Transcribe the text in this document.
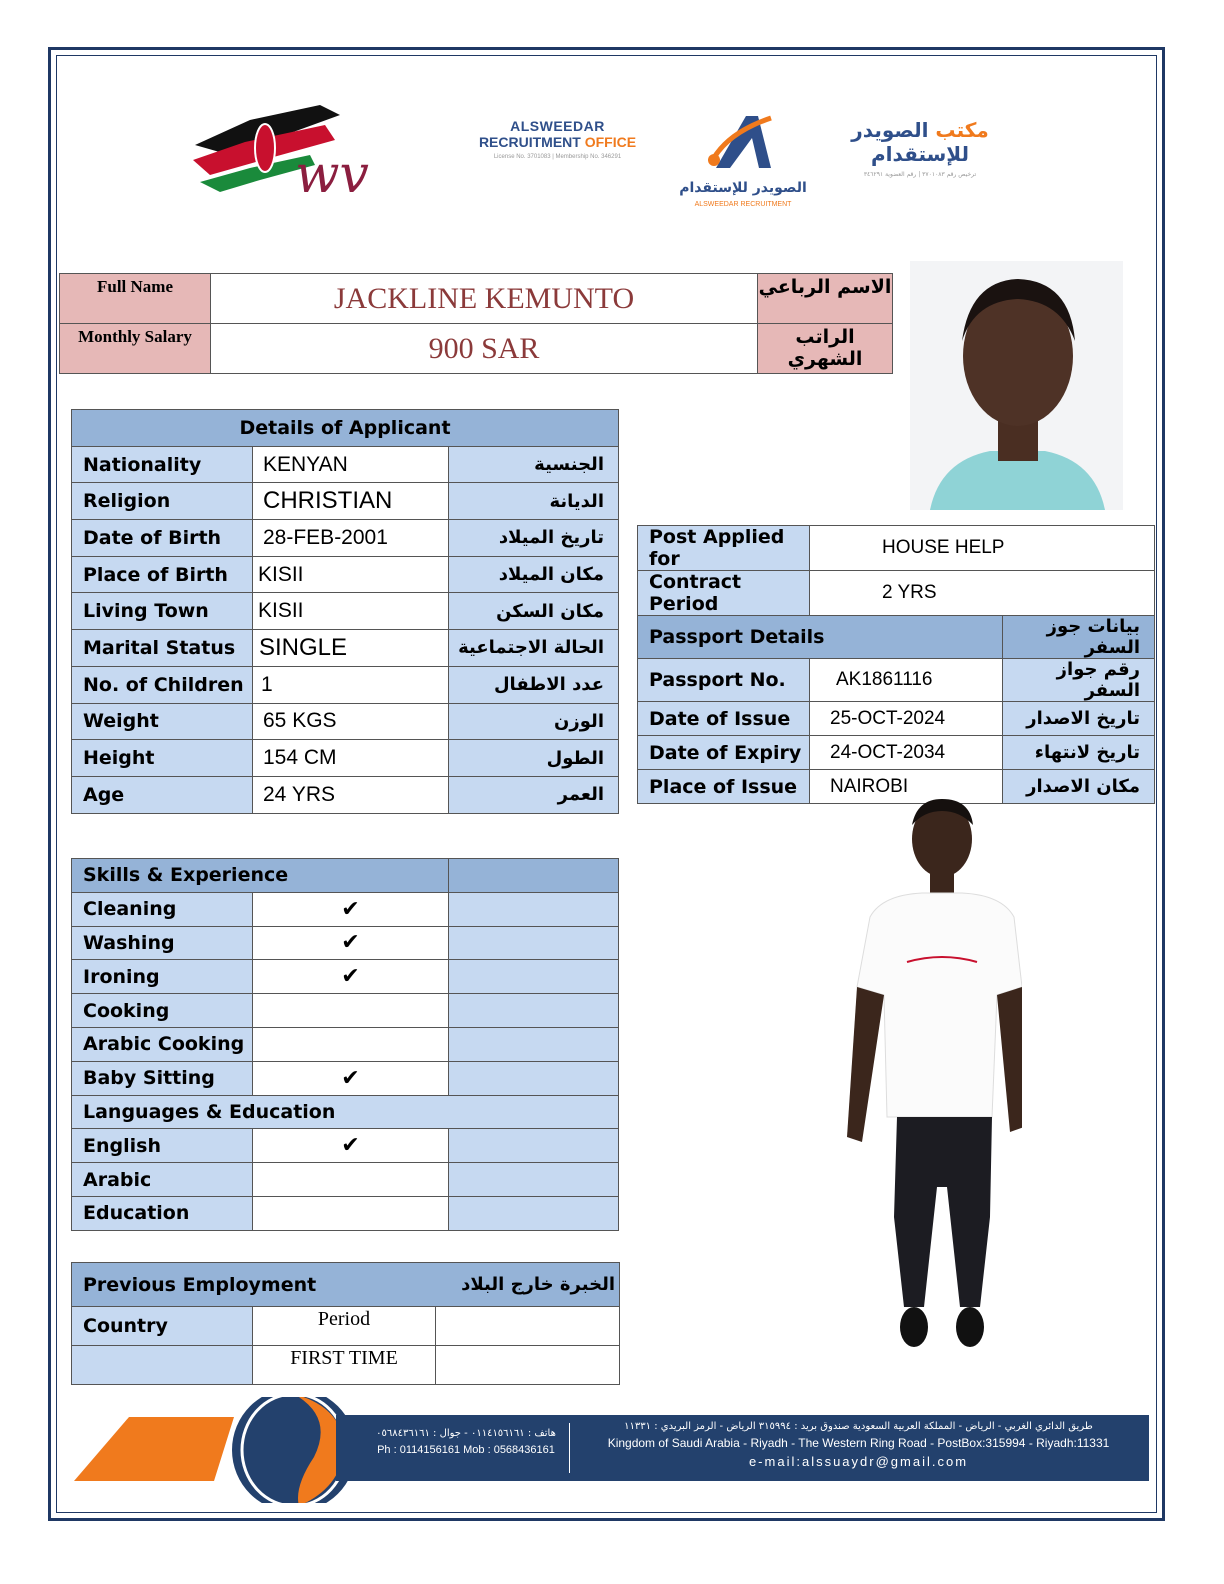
wv
ALSWEEDAR
RECRUITMENT OFFICE
License No. 3701083 | Membership No. 346291
الصويدر للإستقدام
ALSWEEDAR RECRUITMENT
مكتب الصويدر للإستقدام
ترخيص رقم ٣٧٠١٠٨٣ | رقم العضوية ٣٤٦٢٩١
Full Name	JACKLINE KEMUNTO	الاسم الرباعي
Monthly Salary	900 SAR	الراتب الشهري
Details of Applicant		
Nationality	KENYAN	الجنسية
Religion	CHRISTIAN	الديانة
Date of Birth	28-FEB-2001	تاريخ الميلاد
Place of Birth	KISII	مكان الميلاد
Living Town	KISII	مكان السكن
Marital Status	SINGLE	الحالة الاجتماعية
No. of Children	1	عدد الاطفال
Weight	65 KGS	الوزن
Height	154 CM	الطول
Age	24 YRS	العمر
Post Applied for	HOUSE HELP	
Contract Period	2 YRS	
Passport Details		بيانات جوز السفر
Passport No.	AK1861116	رقم جواز السفر
Date of Issue	25-OCT-2024	تاريخ الاصدار
Date of Expiry	24-OCT-2034	تاريخ لانتهاء
Place of Issue	NAIROBI	مكان الاصدار
Skills & Experience		
Cleaning	✔	
Washing	✔	
Ironing	✔	
Cooking		
Arabic Cooking		
Baby Sitting	✔	
Languages & Education		
English	✔	
Arabic		
Education		
Previous Employment الخبرة خارج البلاد		

Country	Period	
	FIRST TIME	
هاتف : ٠١١٤١٥٦١٦١ - جوال : ٠٥٦٨٤٣٦١٦١
Ph : 0114156161 Mob : 0568436161
طريق الدائري الغربي - الرياض - المملكة العربية السعودية صندوق بريد : ٣١٥٩٩٤ الرياض - الرمز البريدي : ١١٣٣١
Kingdom of Saudi Arabia - Riyadh - The Western Ring Road - PostBox:315994 - Riyadh:11331
e-mail:alssuaydr@gmail.com
